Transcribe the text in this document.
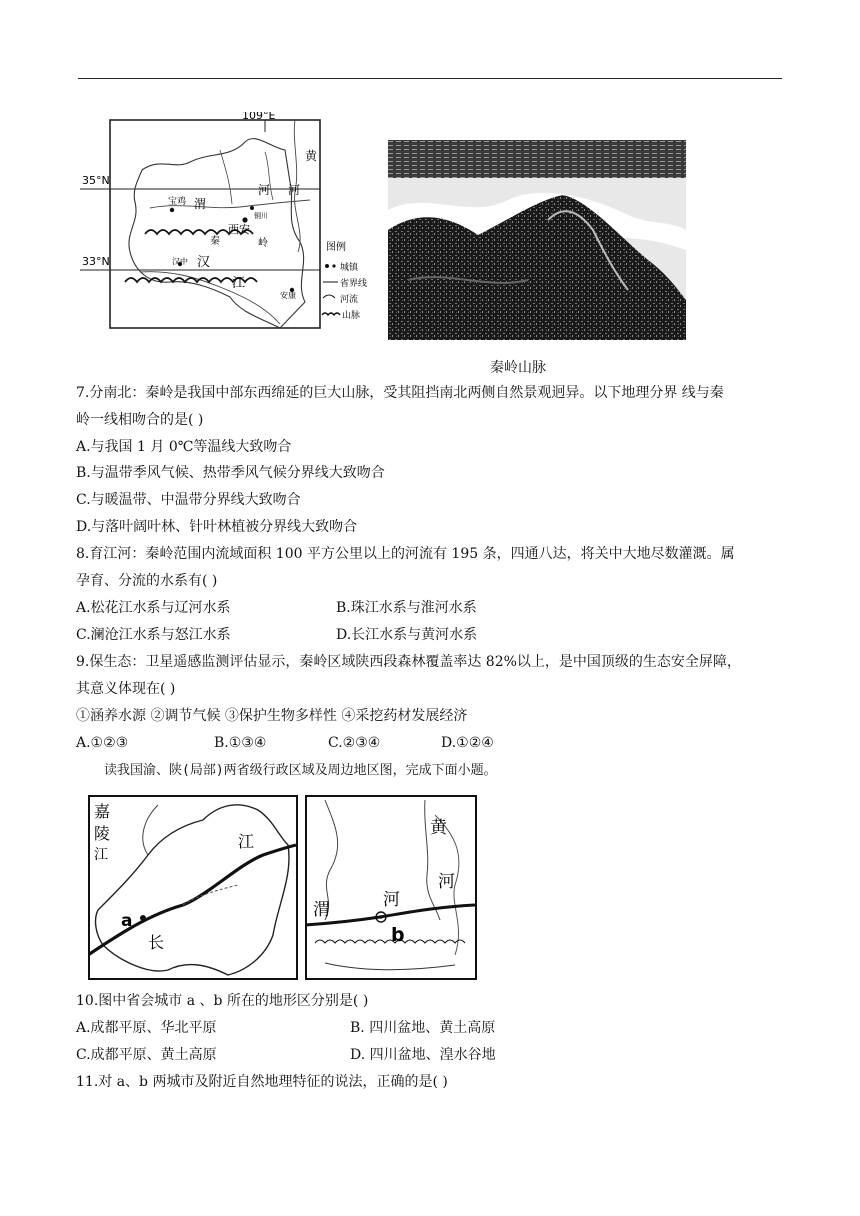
109°E
35°N
33°N
黄
河 河
宝鸡 渭
铜川
西安
秦	岭
汉中 汉
江
安康
图例
城镇
省界线
河流
山脉
秦岭山脉
7.分南北：秦岭是我国中部东西绵延的巨大山脉，受其阻挡南北两侧自然景观迥异。以下地理分界 线与秦
岭一线相吻合的是( )
A.与我国 1 月 0℃等温线大致吻合
B.与温带季风气候、热带季风气候分界线大致吻合
C.与暖温带、中温带分界线大致吻合
D.与落叶阔叶林、针叶林植被分界线大致吻合
8.育江河：秦岭范围内流域面积 100 平方公里以上的河流有 195 条，四通八达，将关中大地尽数灌溉。属
孕育、分流的水系有( )
A.松花江水系与辽河水系	B.珠江水系与淮河水系
C.澜沧江水系与怒江水系	D.长江水系与黄河水系
9.保生态：卫星遥感监测评估显示，秦岭区域陕西段森林覆盖率达 82%以上，是中国顶级的生态安全屏障，
其意义体现在( )
①涵养水源 ②调节气候 ③保护生物多样性 ④采挖药材发展经济
A.①②③	B.①③④	C.②③④	D.①②④
读我国渝、陕(局部)两省级行政区域及周边地区图，完成下面小题。
嘉
陵
江
江
a
长
黄
河
渭	河
b
10.图中省会城市 a 、b 所在的地形区分别是( )
A.成都平原、华北平原	B. 四川盆地、黄土高原
C.成都平原、黄土高原	D. 四川盆地、湟水谷地
11.对 a、b 两城市及附近自然地理特征的说法，正确的是( )
